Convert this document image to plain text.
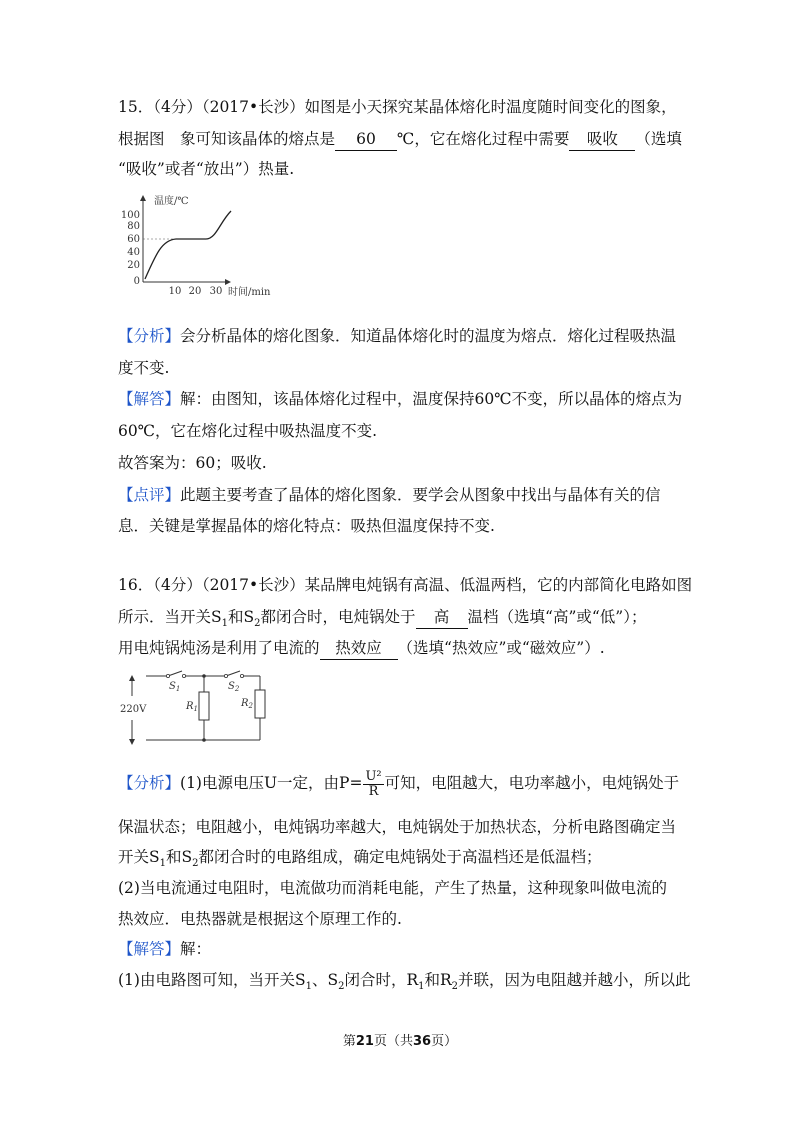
15．（4分）（2017•长沙）如图是小天探究某晶体熔化时温度随时间变化的图象，
根据图　象可知该晶体的熔点是 60 ℃，它在熔化过程中需要 吸收 （选填
“吸收”或者“放出”）热量.
100
80
60
40
20
0
10 20 30
温度/℃
时间/min
【分析】会分析晶体的熔化图象．知道晶体熔化时的温度为熔点．熔化过程吸热温
度不变.
【解答】解：由图知，该晶体熔化过程中，温度保持60℃不变，所以晶体的熔点为
60℃，它在熔化过程中吸热温度不变.
故答案为：60；吸收.
【点评】此题主要考查了晶体的熔化图象．要学会从图象中找出与晶体有关的信
息．关键是掌握晶体的熔化特点：吸热但温度保持不变.
16．（4分）（2017•长沙）某品牌电炖锅有高温、低温两档，它的内部简化电路如图
所示．当开关$S_1$和$S_2$都闭合时，电炖锅处于 高 温档（选填“高”或“低”）；
用电炖锅炖汤是利用了电流的 热效应 （选填“热效应”或“磁效应”）.
220V
$S_1$	$S_2$
$R_1$	$R_2$
【分析】(1)电源电压U一定，由$P= \frac{\text{U²}}{R}$ 可知，电阻越大，电功率越小，电炖锅处于
保温状态；电阻越小，电炖锅功率越大，电炖锅处于加热状态，分析电路图确定当
开关$S_1$和$S_2$都闭合时的电路组成，确定电炖锅处于高温档还是低温档；
(2)当电流通过电阻时，电流做功而消耗电能，产生了热量，这种现象叫做电流的
热效应．电热器就是根据这个原理工作的.
【解答】解：
(1)由电路图可知，当开关$S_1$、$S_2$闭合时，$R_1$和$R_2$并联，因为电阻越并越小，所以此
第21页（共36页）
